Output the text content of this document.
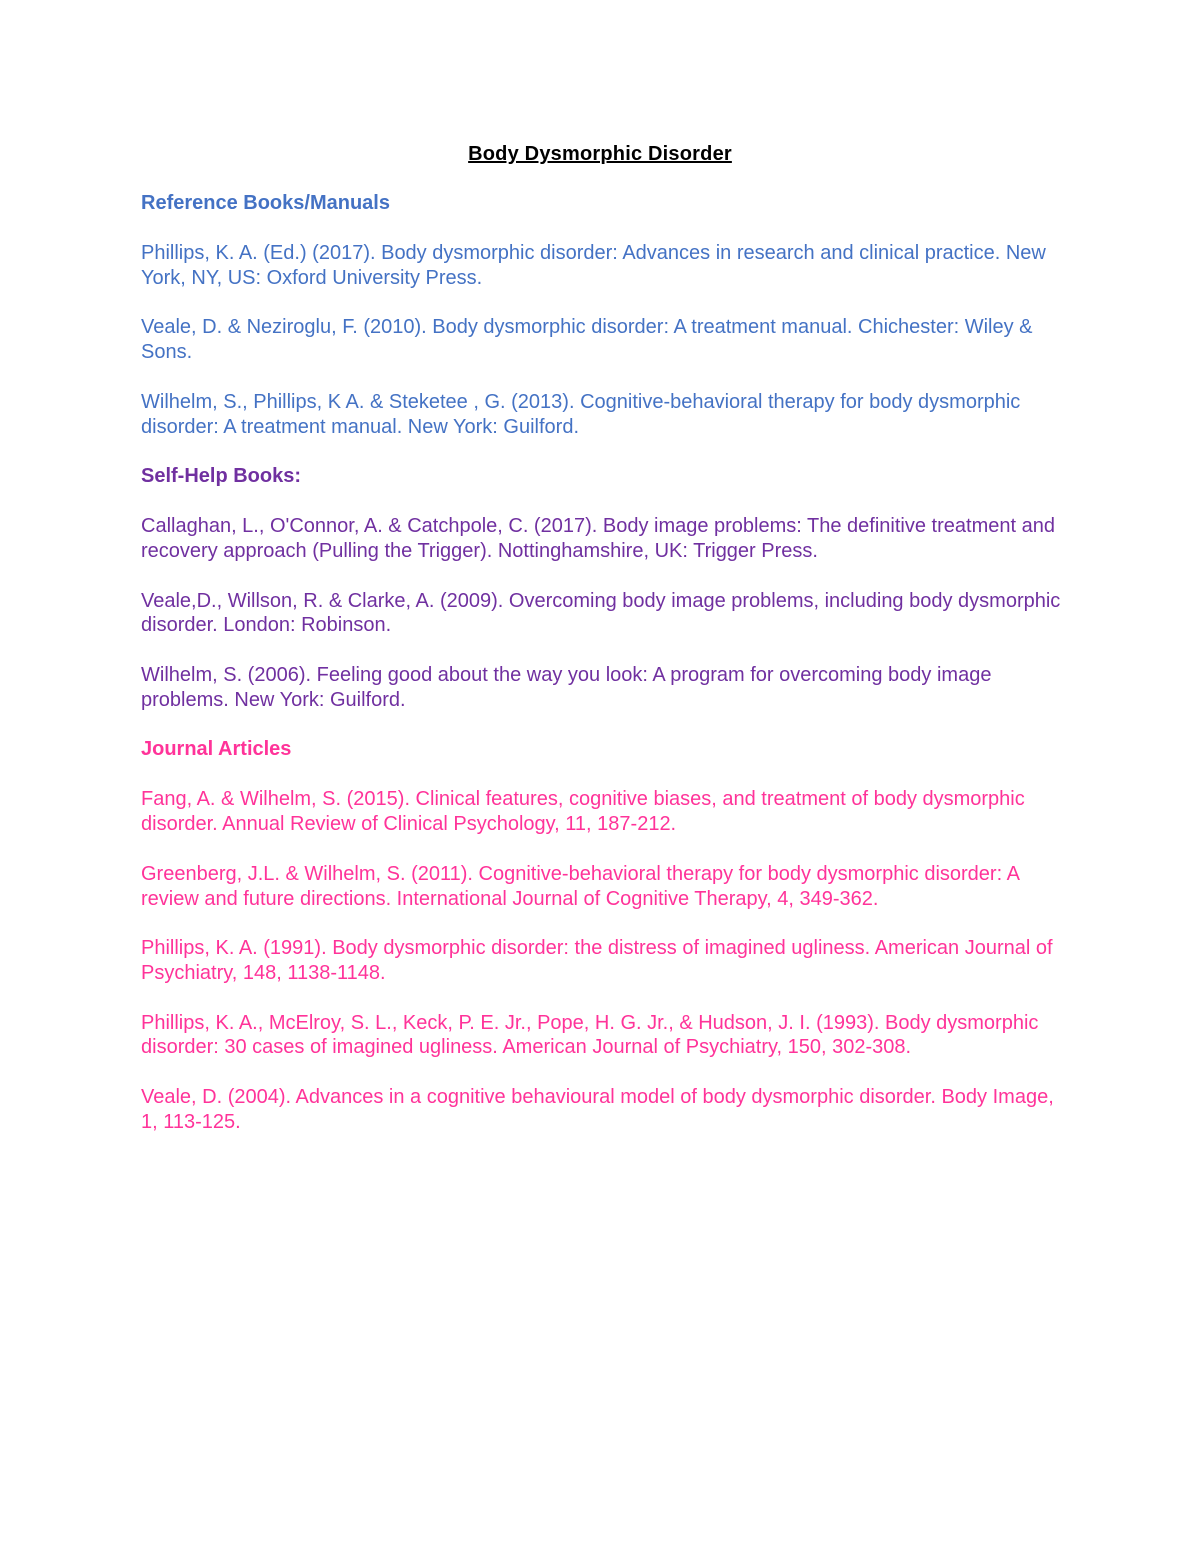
Body Dysmorphic Disorder
Reference Books/Manuals

Phillips, K. A. (Ed.) (2017). Body dysmorphic disorder: Advances in research and clinical practice. New York, NY, US: Oxford University Press.

Veale, D. & Neziroglu, F. (2010). Body dysmorphic disorder: A treatment manual. Chichester: Wiley & Sons.

Wilhelm, S., Phillips, K A. & Steketee , G. (2013). Cognitive-behavioral therapy for body dysmorphic disorder: A treatment manual. New York: Guilford.

Self-Help Books:

Callaghan, L., O'Connor, A. & Catchpole, C. (2017). Body image problems: The definitive treatment and recovery approach (Pulling the Trigger). Nottinghamshire, UK: Trigger Press.

Veale,D., Willson, R. & Clarke, A. (2009). Overcoming body image problems, including body dysmorphic disorder. London: Robinson.

Wilhelm, S. (2006). Feeling good about the way you look: A program for overcoming body image problems. New York: Guilford.

Journal Articles

Fang, A. & Wilhelm, S. (2015). Clinical features, cognitive biases, and treatment of body dysmorphic disorder. Annual Review of Clinical Psychology, 11, 187-212.

Greenberg, J.L. & Wilhelm, S. (2011). Cognitive-behavioral therapy for body dysmorphic disorder: A review and future directions. International Journal of Cognitive Therapy, 4, 349-362.

Phillips, K. A. (1991). Body dysmorphic disorder: the distress of imagined ugliness. American Journal of Psychiatry, 148, 1138-1148.

Phillips, K. A., McElroy, S. L., Keck, P. E. Jr., Pope, H. G. Jr., & Hudson, J. I. (1993). Body dysmorphic disorder: 30 cases of imagined ugliness. American Journal of Psychiatry, 150, 302-308.

Veale, D. (2004). Advances in a cognitive behavioural model of body dysmorphic disorder. Body Image, 1, 113-125.
